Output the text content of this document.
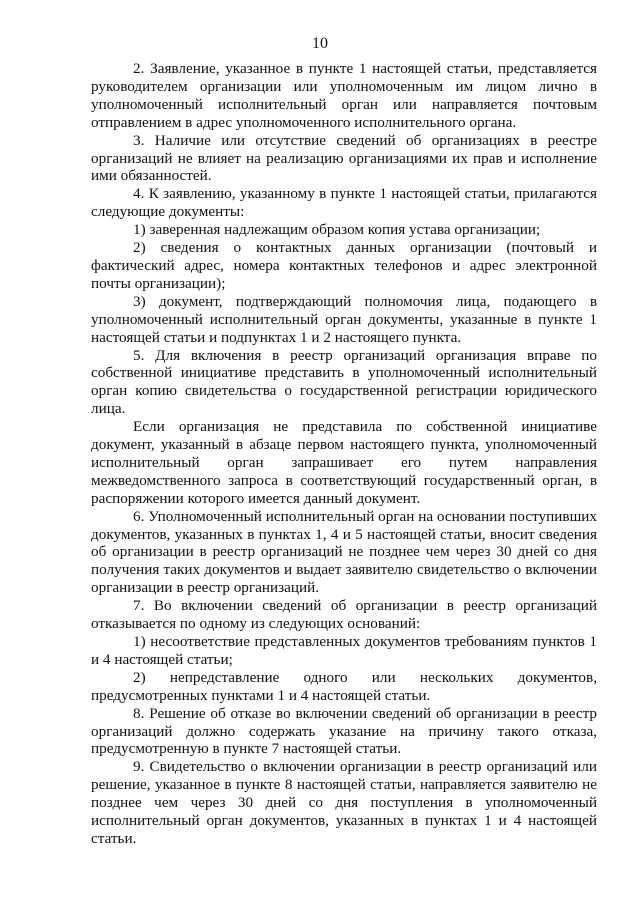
10

2. Заявление, указанное в пункте 1 настоящей статьи, представляется руководителем организации или уполномоченным им лицом лично в уполномоченный исполнительный орган или направляется почтовым отправлением в адрес уполномоченного исполнительного органа.

3. Наличие или отсутствие сведений об организациях в реестре организаций не влияет на реализацию организациями их прав и исполнение ими обязанностей.

4. К заявлению, указанному в пункте 1 настоящей статьи, прилагаются следующие документы:

1) заверенная надлежащим образом копия устава организации;

2) сведения о контактных данных организации (почтовый и фактический адрес, номера контактных телефонов и адрес электронной почты организации);

3) документ, подтверждающий полномочия лица, подающего в уполномоченный исполнительный орган документы, указанные в пункте 1 настоящей статьи и подпунктах 1 и 2 настоящего пункта.

5. Для включения в реестр организаций организация вправе по собственной инициативе представить в уполномоченный исполнительный орган копию свидетельства о государственной регистрации юридического лица.

Если организация не представила по собственной инициативе документ, указанный в абзаце первом настоящего пункта, уполномоченный исполнительный орган запрашивает его путем направления межведомственного запроса в соответствующий государственный орган, в распоряжении которого имеется данный документ.

6. Уполномоченный исполнительный орган на основании поступивших документов, указанных в пунктах 1, 4 и 5 настоящей статьи, вносит сведения об организации в реестр организаций не позднее чем через 30 дней со дня получения таких документов и выдает заявителю свидетельство о включении организации в реестр организаций.

7. Во включении сведений об организации в реестр организаций отказывается по одному из следующих оснований:

1) несоответствие представленных документов требованиям пунктов 1 и 4 настоящей статьи;

2) непредставление одного или нескольких документов, предусмотренных пунктами 1 и 4 настоящей статьи.

8. Решение об отказе во включении сведений об организации в реестр организаций должно содержать указание на причину такого отказа, предусмотренную в пункте 7 настоящей статьи.

9. Свидетельство о включении организации в реестр организаций или решение, указанное в пункте 8 настоящей статьи, направляется заявителю не позднее чем через 30 дней со дня поступления в уполномоченный исполнительный орган документов, указанных в пунктах 1 и 4 настоящей статьи.
